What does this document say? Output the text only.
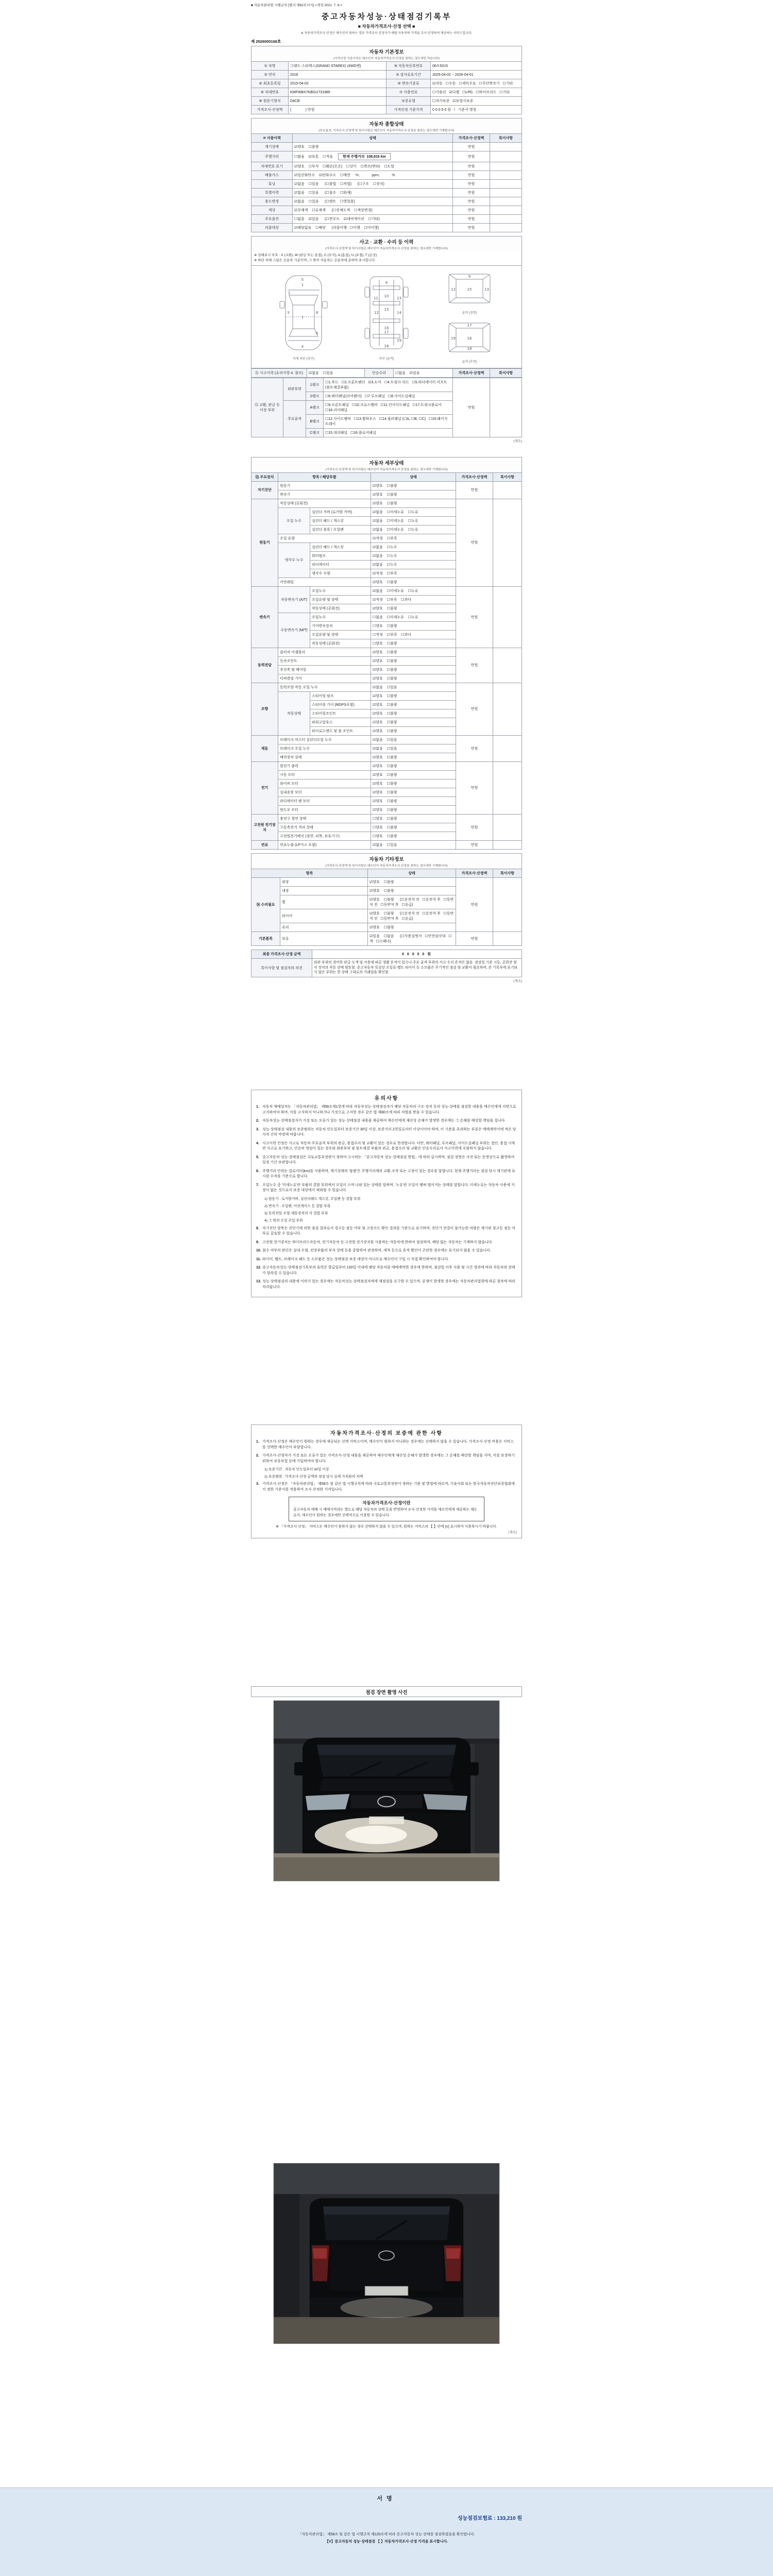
■ 자동차관리법 시행규칙 [별지 제82호서식] <개정 2021. 7. 6.>
중고자동차성능·상태점검기록부
■ 자동차가격조사·산정 선택 ■
※ 자동차가격조사·산정은 매수인이 원하는 경우 가격조사·산정자가 해당 자동차의 가격을 조사·산정하여 제공하는 서비스입니다.
제 2526000166호
자동차 기본정보
(가격산정 기준가격은 매수인이 자동차가격조사·산정을 원하는 경우에만 적습니다)
① 차명	그랜드 스타렉스(GRAND STAREX) (4WD밴)	⑨ 자동차등록번호	06모5015
② 연식	2016	③ 검사유효기간	2025-04-02 ~ 2026-04-01
④ 최초등록일	2015-04-02	⑤ 변속기종류	☑자동   ☐수동   ☐세미오토   ☐무단변속기   ☐기타
⑥ 차대번호	KMFWBX7KBGU731985	⑦ 사용연료	☐가솔린   ☑디젤   ☐LPG   ☐하이브리드   ☐기타
⑧ 원동기형식	D4CB	보증유형	☐자가보증   ☑보험사보증
가격조사·산정액	(              ) 만원	가격산정 기준가격	0 0 0 0 0 원   /   기준서 명칭 :
자동차 종합상태
(주요옵션, 가격조사·산정액 및 특이사항은 매수인이 자동차가격조사·산정을 원하는 경우에만 기재합니다)
⑩ 사용이력	상태	가격조사·산정액	특이사항
계기상태	☑양호    ☐불량	만원	
주행거리	☐많음    ☑보통    ☐적음 현재 주행거리  108,916 km	만원	
차대번호 표기	☑양호    ☐부식    ☐훼손(오손)    ☐상이    ☐변조(변타)    ☐도말	만원	
배출가스	☑일산화탄소    ☑탄화수소    ☐매연 %,            ppm,            %	만원	
튜닝	☑없음    ☐있음      (☐불법    ☐적법)      (☐구조    ☐장치)	만원	
특별이력	☑없음    ☐있음      (☐침수    ☐화재)	만원	
용도변경	☑없음    ☐있음      (☐렌트    ☐영업용)	만원	
색상	☑무채색    ☐유채색      (☐전체도색    ☐색상변경)	만원	
주요옵션	☐없음    ☑있음      (☐썬루프    ☑네비게이션    ☐기타)	만원	
리콜대상	☑해당없음    ☐해당      (리콜이행 : ☐이행    ☐미이행)	만원	
사고 · 교환 · 수리 등 이력
(가격조사·산정액 및 특이사항은 매수인이 자동차가격조사·산정을 원하는 경우에만 기재합니다)
※ 상태표시 부호 : X (교환), W (판금 또는 용접), C (부식), A (흠집), U (요철), T (손상)
※ 하단 차체 그림은 승용차 기준이며, 그 밖의 자동차는 승용차에 준하여 표시합니다.
1
2
3
4
5
6
7
8
차체 외판 (상부)
9
10
11
12
13
14
15
16
17
18
19
하부 (골격)
9
12	13
15
골격 (전면)
17
19	16
18
골격 (후면)
⑪ 사고이력 (유의사항 4. 참조)	☑없음    ☐있음	단순수리	☐없음    ☑있음	가격조사·산정액	특이사항
⑫ 교환, 판금 등 이상 부위	외판부위	1랭크	☐1.후드   ☐2.프론트펜더   ☑3.도어   ☐4.트렁크 리드   ☐5.라디에이터 서포트 (볼트체결부품)	만원	
		2랭크	☐6.쿼터패널(리어펜더)   ☐7.루프패널   ☐8.사이드실패널		
	주요골격	A랭크	☐9.프론트패널   ☐10.크로스멤버   ☐11.인사이드패널   ☐17.트렁크플로어   ☐18.리어패널		
		B랭크	☐12.사이드멤버   ☐13.휠하우스   ☐14.필러패널 (☐A, ☐B, ☐C)   ☐19.패키지트레이		
		C랭크	☐15.대쉬패널   ☐16.플로어패널		
(계속)
자동차 세부상태
(가격조사·산정액 및 특이사항은 매수인이 자동차가격조사·산정을 원하는 경우에만 기재합니다)
⑬ 주요장치	항목 / 해당부품		상태	가격조사·산정액	특이사항
자기진단	원동기		☑양호    ☐불량	만원	
	변속기		☑양호    ☐불량		
원동기	작동상태 (공회전)		☑양호    ☐불량	만원	
	오일 누수	실린더 커버 (로커암 커버)	☑없음    ☐미세누유    ☐누유		
		실린더 헤드 / 개스킷	☑없음    ☐미세누유    ☐누유		
		실린더 블록 / 오일팬	☑없음    ☐미세누유    ☐누유		
	오일 유량		☑적정    ☐부족		
	냉각수 누수	실린더 헤드 / 개스킷	☑없음    ☐누수		
		워터펌프	☑없음    ☐누수		
		라디에이터	☑없음    ☐누수		
		냉각수 수량	☑적정    ☐부족		
	커먼레일		☑양호    ☐불량		
변속기	자동변속기 (A/T)	오일누수	☑없음    ☐미세누유    ☐누유	만원	
		오일유량 및 상태	☑적정    ☐부족    ☐과다		
		작동상태 (공회전)	☑양호    ☐불량		
	수동변속기 (M/T)	오일누수	☐없음    ☐미세누유    ☐누유		
		기어변속장치	☐양호    ☐불량		
		오일유량 및 상태	☐적정    ☐부족    ☐과다		
		작동상태 (공회전)	☐양호    ☐불량		
동력전달	클러치 어셈블리		☑양호    ☐불량	만원	
	등속조인트		☑양호    ☐불량		
	추진축 및 베어링		☑양호    ☐불량		
	디퍼렌셜 기어		☑양호    ☐불량		
조향	동력조향 작동 오일 누수		☑없음    ☐있음	만원	
	작동상태	스티어링 펌프	☑양호    ☐불량		
		스티어링 기어 (MDPS포함)	☑양호    ☐불량		
		스티어링조인트	☑양호    ☐불량		
		파워고압호스	☑양호    ☐불량		
		타이로드엔드 및 볼 조인트	☑양호    ☐불량		
제동	브레이크 마스터 실린더오일 누수		☑없음    ☐있음	만원	
	브레이크 오일 누수		☑없음    ☐있음		
	배력장치 상태		☑양호    ☐불량		
전기	발전기 출력		☑양호    ☐불량	만원	
	시동 모터		☑양호    ☐불량		
	와이퍼 모터		☑양호    ☐불량		
	실내송풍 모터		☑양호    ☐불량		
	라디에이터 팬 모터		☑양호    ☐불량		
	윈도우 모터		☑양호    ☐불량		
고전원 전기장치	충전구 절연 상태		☐양호    ☐불량	만원	
	구동축전지 격리 상태		☐양호    ☐불량		
	고전원전기배선 (절연, 피복, 보호기구)		☐양호    ☐불량		
연료	연료누출 (LP가스 포함)		☑없음    ☐있음	만원	
자동차 기타정보
(가격조사·산정액 및 특이사항은 매수인이 자동차가격조사·산정을 원하는 경우에만 기재합니다)
항목		상태	가격조사·산정액	특이사항
⑭ 수리필요	외장	☑양호    ☐불량	만원	
	내장	☑양호    ☐불량		
	휠	☑양호    ☐불량      (☐운전석 전   ☐운전석 후   ☐동반석 전   ☐동반석 후   ☐응급)		
	타이어	☑양호    ☐불량      (☐운전석 전   ☐운전석 후   ☐동반석 전   ☐동반석 후   ☐응급)		
	유리	☑양호    ☐불량		
기본품목	보유	☑있음    ☐없음      (☐사용설명서   ☐안전삼각대   ☐잭   ☐스패너)	만원	
최종 가격조사·산정 금액	0 0 0 0 0 원
특이사항 및 점검자의 의견	외판 부위의 경미한 판금·도색 및 사용에 따른 생활 흔적이 있으나 주요 골격 부위의 사고 수리 흔적은 없음. 점검일 기준 시동, 공회전 및 각 장치의 작동 상태 양호함. 중고자동차 특성상 오일류·벨트·타이어 등 소모품은 주기적인 점검 및 교환이 필요하며, 본 기록부에 표기되지 않은 부위는 현 상태 그대로의 거래임을 확인함.
(계속)
유의사항
1. 자동차 매매업자는 「자동차관리법」 제58조제1항에 따라 자동차성능·상태점검자가 해당 자동차의 구조·장치 등의 성능·상태를 점검한 내용을 매수인에게 서면으로 고지하여야 하며, 이를 고지하지 아니하거나 거짓으로 고지한 경우 같은 법 제80조에 따라 처벌을 받을 수 있습니다.
2. 자동차성능·상태점검자가 거짓 또는 오류가 있는 성능·상태점검 내용을 제공하여 매수인에게 재산상 손해가 발생한 경우에는 그 손해를 배상할 책임을 집니다.
3. 성능·상태점검 내용의 보증범위는 자동차 인도일부터 보증기간 30일 이상, 보증거리 2천킬로미터 이상이어야 하며, 이 기준을 초과하는 부분은 매매계약서에 적은 당사자 간의 약정에 따릅니다.
4. 사고이력 인정은 사고로 자동차 주요골격 부위의 판금, 용접수리 및 교환이 있는 경우로 한정합니다. 다만, 쿼터패널, 루프패널, 사이드실패널 부위는 절단, 용접 시에만 사고로 표기하고, 단순히 꺾임이 있는 경우와 외판부위 및 볼트체결 부품의 판금, 용접수리 및 교환은 단순수리로서 사고이력에 포함하지 않습니다.
5. 중고자동차 성능·상태점검은 국토교통부장관이 정하여 고시하는 「중고자동차 성능·상태점검 방법」에 따라 실시하며, 점검 장면은 사진 또는 동영상으로 촬영하여 일정 기간 보관합니다.
6. 주행거리 단위는 킬로미터(km)를 사용하며, 계기상태의 '불량'은 주행거리계의 교환·조작 또는 고장이 있는 경우를 말합니다. 현재 주행거리는 점검 당시 계기판에 표시된 수치를 기준으로 합니다.
7. 오일누수 중 '미세누유'란 부품의 결합 부위에서 오일이 스며 나와 있는 상태를 말하며, '누유'란 오일이 맺혀 떨어지는 상태를 말합니다. 미세누유는 자동차 사용에 지장이 없는 것으로서 보증 대상에서 제외될 수 있습니다.
1) 원동기 : 로커암커버, 실린더헤드 개스킷, 오일팬 등 결합 부위
2) 변속기 : 오일팬, 미션케이스 등 결합 부위
3) 동력전달·조향·제동장치의 각 결합 부위
4) 그 밖의 오일 주입 부위
8. 자기진단 항목은 진단기에 의한 점검 결과로서 경고등 점등 여부 및 고장코드 확인 결과를 기준으로 표기하며, 진단기 연결이 불가능한 차량은 계기판 경고등 점등 여부로 갈음할 수 있습니다.
9. 고전원 전기장치는 하이브리드자동차, 전기자동차 등 고전원 전기장치를 사용하는 자동차에 한하여 점검하며, 해당 없는 자동차는 기재하지 않습니다.
10. 침수 여부의 판단은 실내 오염, 전장부품의 부식 상태 등을 종합하여 판정하며, 세척 등으로 흔적 확인이 곤란한 경우에는 표기되지 않을 수 있습니다.
11. 타이어, 벨트, 브레이크 패드 등 소모품은 성능·상태점검 보증 대상이 아니므로 매수인이 구입 시 직접 확인하여야 합니다.
12. 중고자동차성능·상태점검기록부의 효력은 발급일부터 120일 이내에 해당 자동차를 매매계약한 경우에 한하며, 점검일 이후 사용 및 시간 경과에 따라 자동차의 상태가 달라질 수 있습니다.
13. 성능·상태점검의 내용에 이의가 있는 경우에는 자동차성능·상태점검자에게 재점검을 요구할 수 있으며, 분쟁이 발생한 경우에는 자동차관리법령에 따른 절차에 따라 처리됩니다.
자동차가격조사·산정의 보증에 관한 사항
1. 가격조사·산정은 매수인이 원하는 경우에 제공되는 선택 서비스이며, 매수인이 원하지 아니하는 경우에는 선택하지 않을 수 있습니다. 가격조사·산정 비용은 서비스를 선택한 매수인이 부담합니다.
2. 가격조사·산정자가 거짓 또는 오류가 있는 가격조사·산정 내용을 제공하여 매수인에게 재산상 손해가 발생한 경우에는 그 손해를 배상할 책임을 지며, 이를 보장하기 위하여 보증보험 등에 가입하여야 합니다.
1) 보증기간 : 자동차 인도일부터 30일 이상
2) 보증범위 : 가격조사·산정 금액과 점검 당시 실제 가치와의 차액
3. 가격조사·산정은 「자동차관리법」 제58조 및 같은 법 시행규칙에 따라 국토교통부장관이 정하는 기준 및 방법에 따르며, 기술사회 또는 한국자동차진단보증협회에서 정한 기준서를 적용하여 조사·산정한 가격입니다.
자동차가격조사·산정이란
중고자동차 매매 시 매매가격과는 별도로 해당 자동차의 상태 등을 반영하여 조사·산정한 가격을 매수인에게 제공하는 제도로서, 매수인이 원하는 경우에만 선택적으로 이용할 수 있습니다.
※ 「가격조사·산정」 서비스는 매수인이 원하지 않는 경우 선택하지 않을 수 있으며, 원하는 서비스의 【 】안에 [V] 표시하여 이용하시기 바랍니다.
(계속)
점검 장면 촬영 사진
서명
성능점검보험료 : 133,210 원
「자동차관리법」 제58조 및 같은 법 시행규칙 제120조에 따라 중고자동차 성능·상태를 점검하였음을 확인합니다.
【V】중고자동차 성능·상태점검 【 】자동차가격조사·산정 가격을 표시합니다.
